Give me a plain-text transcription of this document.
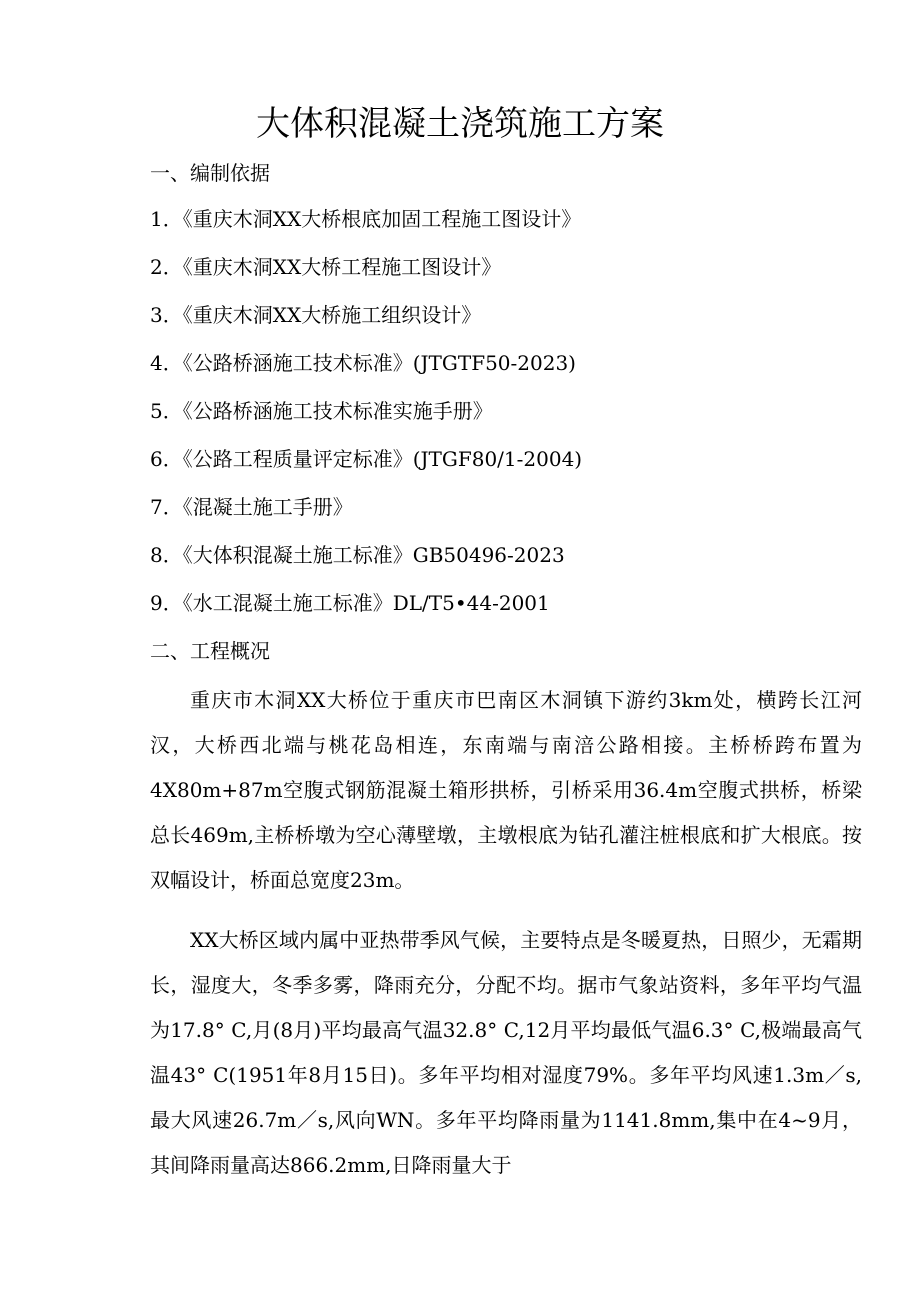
大体积混凝土浇筑施工方案
一、编制依据
1．《重庆木洞XX大桥根底加固工程施工图设计》
2．《重庆木洞XX大桥工程施工图设计》
3．《重庆木洞XX大桥施工组织设计》
4．《公路桥涵施工技术标准》(JTGTF50-2023)
5．《公路桥涵施工技术标准实施手册》
6．《公路工程质量评定标准》(JTGF80/1-2004)
7．《混凝土施工手册》
8．《大体积混凝土施工标准》GB50496-2023
9．《水工混凝土施工标准》DL/T5•44-2001
二、工程概况

重庆市木洞XX大桥位于重庆市巴南区木洞镇下游约3km处，横跨长江河汉，大桥西北端与桃花岛相连，东南端与南涪公路相接。主桥桥跨布置为4X80m+87m空腹式钢筋混凝土箱形拱桥，引桥采用36.4m空腹式拱桥，桥梁总长469m,主桥桥墩为空心薄壁墩，主墩根底为钻孔灌注桩根底和扩大根底。按双幅设计，桥面总宽度23m。

XX大桥区域内属中亚热带季风气候，主要特点是冬暖夏热，日照少，无霜期长，湿度大，冬季多雾，降雨充分，分配不均。据市气象站资料，多年平均气温为17.8° C,月(8月)平均最高气温32.8° C,12月平均最低气温6.3° C,极端最高气温43° C(1951年8月15日)。多年平均相对湿度79%。多年平均风速1.3m／s,最大风速26.7m／s,风向WN。多年平均降雨量为1141.8mm,集中在4~9月，其间降雨量高达866.2mm,日降雨量大于
